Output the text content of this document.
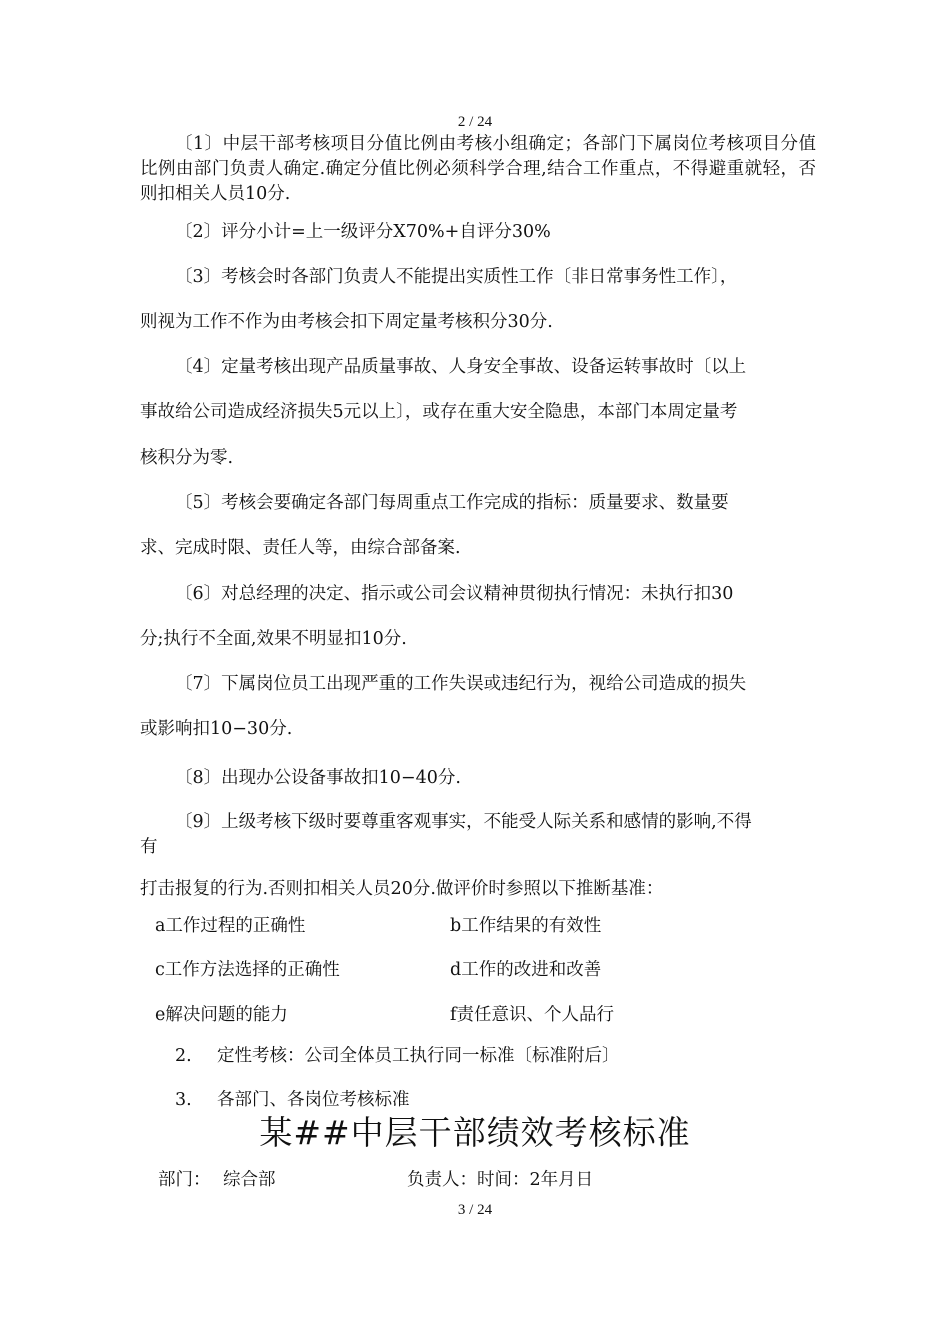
2 / 24
〔1〕中层干部考核项目分值比例由考核小组确定；各部门下属岗位考核项目分值比例由部门负责人确定.确定分值比例必须科学合理,结合工作重点，不得避重就轻，否则扣相关人员10分.
〔2〕评分小计=上一级评分X70%+自评分30%
〔3〕考核会时各部门负责人不能提出实质性工作〔非日常事务性工作〕，
则视为工作不作为由考核会扣下周定量考核积分30分.
〔4〕定量考核出现产品质量事故、人身安全事故、设备运转事故时〔以上
事故给公司造成经济损失5元以上〕，或存在重大安全隐患，本部门本周定量考
核积分为零.
〔5〕考核会要确定各部门每周重点工作完成的指标：质量要求、数量要
求、完成时限、责任人等，由综合部备案.
〔6〕对总经理的决定、指示或公司会议精神贯彻执行情况：未执行扣30
分;执行不全面,效果不明显扣10分.
〔7〕下属岗位员工出现严重的工作失误或违纪行为，视给公司造成的损失
或影响扣10−30分.
〔8〕出现办公设备事故扣10−40分.
〔9〕上级考核下级时要尊重客观事实，不能受人际关系和感情的影响,不得
有
打击报复的行为.否则扣相关人员20分.做评价时参照以下推断基准：
a工作过程的正确性	b工作结果的有效性
c工作方法选择的正确性	d工作的改进和改善
e解决问题的能力	f责任意识、个人品行
2. 定性考核：公司全体员工执行同一标准〔标准附后〕
3. 各部门、各岗位考核标准
某##中层干部绩效考核标准
部门： 综合部	负责人：时间：2年月日
3 / 24
